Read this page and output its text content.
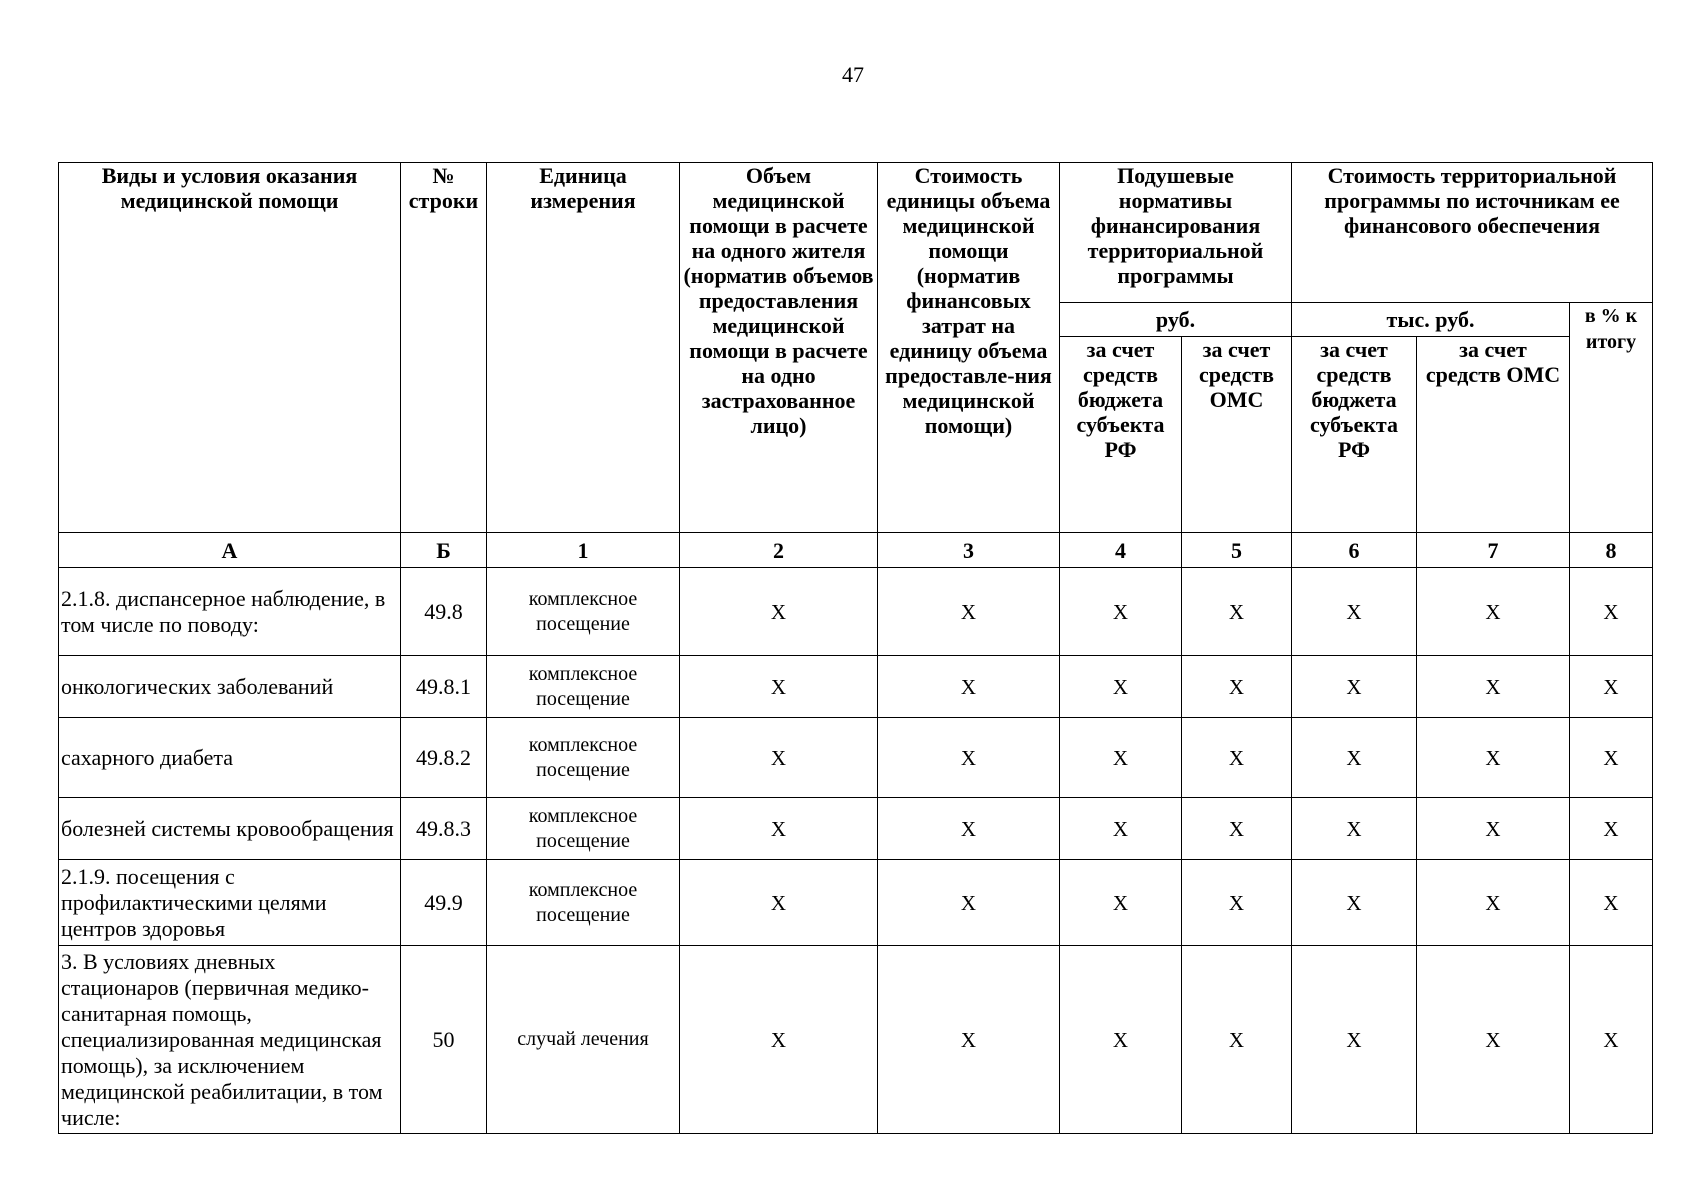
47
Виды и условия оказания медицинской помощи	№ строки	Единица измерения	Объем медицинской помощи в расчете на одного жителя (норматив объемов предоставления медицинской помощи в расчете на одно застрахованное лицо)	Стоимость единицы объема медицинской помощи (норматив финансовых затрат на единицу объема предоставле-ния медицинской помощи)	Подушевые нормативы финансирования территориальной программы		Стоимость территориальной программы по источникам ее финансового обеспечения		
					руб.		тыс. руб.		в % к итогу
					за счет средств бюджета субъекта РФ	за счет средств ОМС	за счет средств бюджета субъекта РФ	за счет средств ОМС	
А	Б	1	2	3	4	5	6	7	8
2.1.8. диспансерное наблюдение, в том числе по поводу:	49.8	комплексное посещение	Х	Х	Х	Х	Х	Х	Х
онкологических заболеваний	49.8.1	комплексное посещение	Х	Х	Х	Х	Х	Х	Х
сахарного диабета	49.8.2	комплексное посещение	Х	Х	Х	Х	Х	Х	Х
болезней системы кровообращения	49.8.3	комплексное посещение	Х	Х	Х	Х	Х	Х	Х
2.1.9. посещения с профилактическими целями центров здоровья	49.9	комплексное посещение	Х	Х	Х	Х	Х	Х	Х
3. В условиях дневных стационаров (первичная медико-санитарная помощь, специализированная медицинская помощь), за исключением медицинской реабилитации, в том числе:	50	случай лечения	Х	Х	Х	Х	Х	Х	Х
